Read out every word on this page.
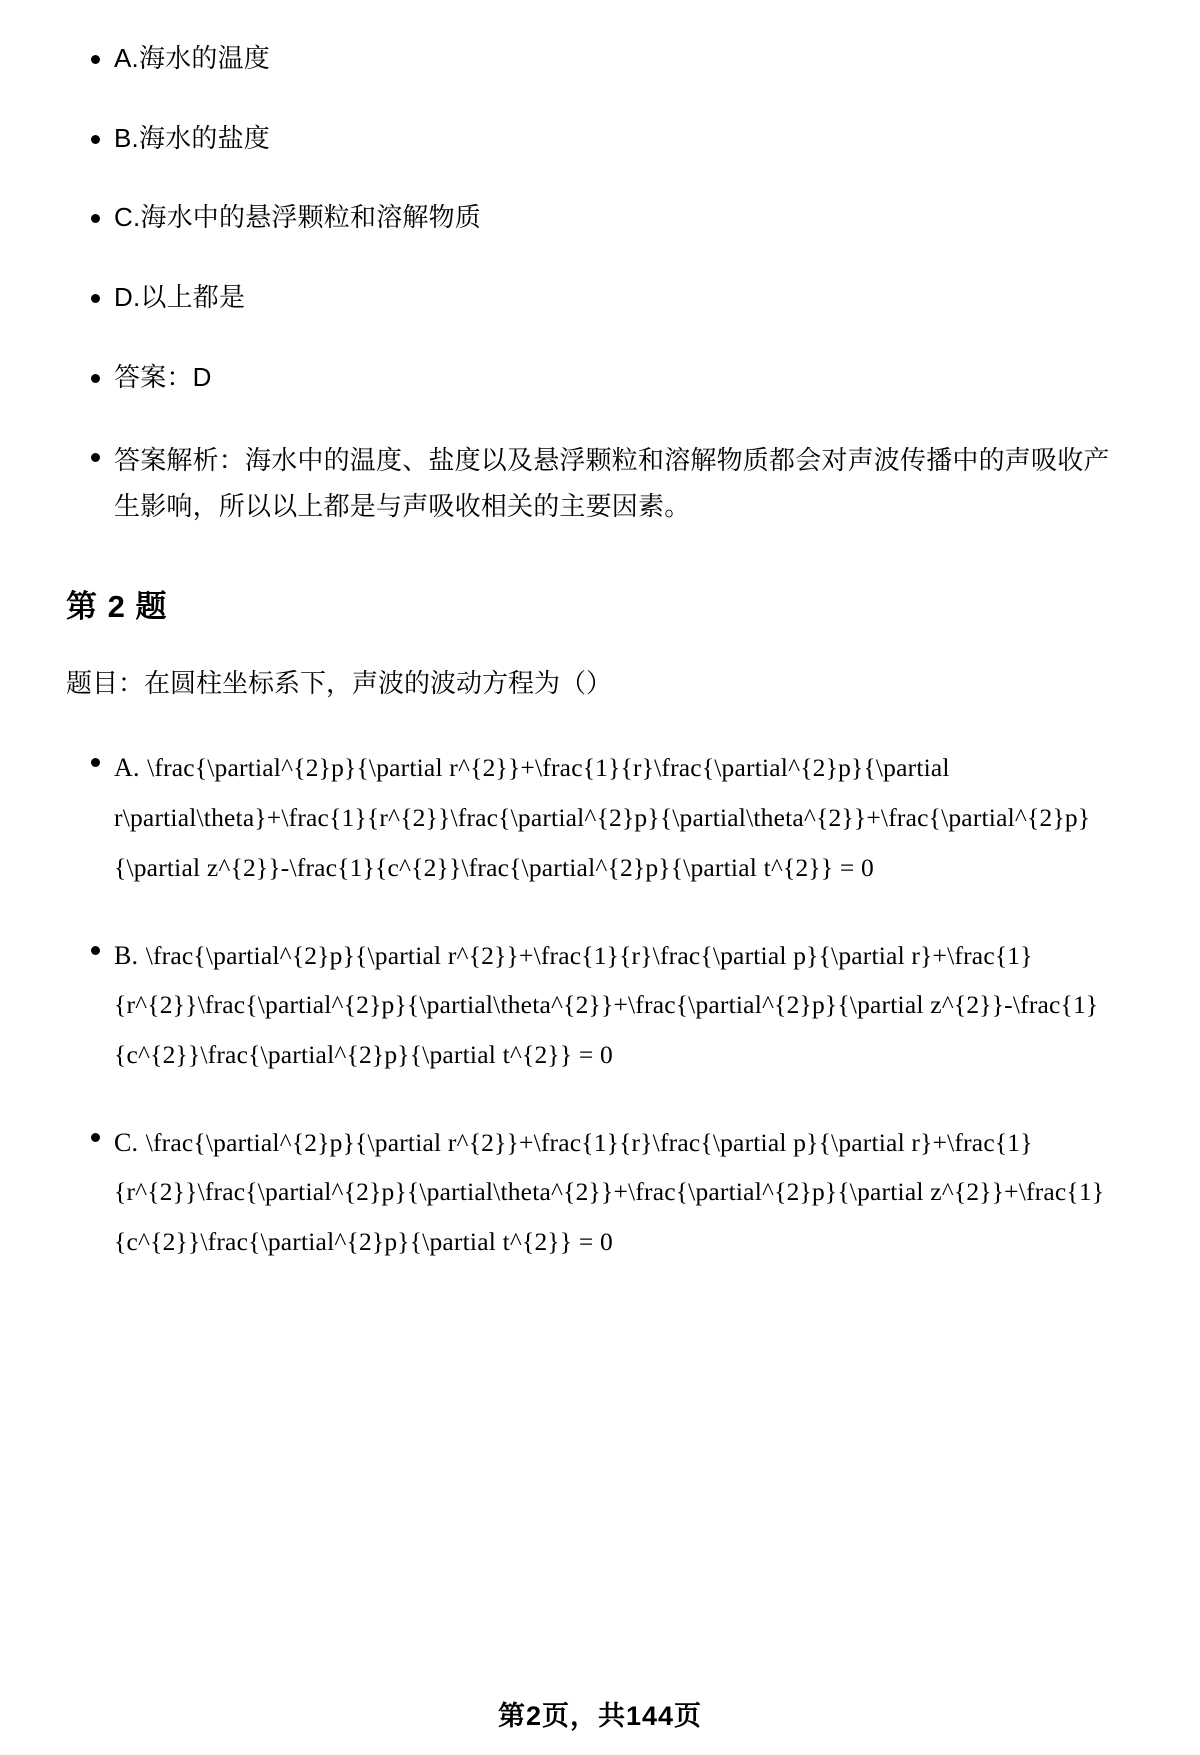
A.海水的温度
B.海水的盐度
C.海水中的悬浮颗粒和溶解物质
D.以上都是
答案：D
答案解析：海水中的温度、盐度以及悬浮颗粒和溶解物质都会对声波传播中的声吸收产生影响，所以以上都是与声吸收相关的主要因素。
第 2 题
题目：在圆柱坐标系下，声波的波动方程为（）
A. \frac{\partial^{2}p}{\partial r^{2}}+\frac{1}{r}\frac{\partial^{2}p}{\partial r\partial\theta}+\frac{1}{r^{2}}\frac{\partial^{2}p}{\partial\theta^{2}}+\frac{\partial^{2}p}{\partial z^{2}}-\frac{1}{c^{2}}\frac{\partial^{2}p}{\partial t^{2}} = 0
B. \frac{\partial^{2}p}{\partial r^{2}}+\frac{1}{r}\frac{\partial p}{\partial r}+\frac{1}{r^{2}}\frac{\partial^{2}p}{\partial\theta^{2}}+\frac{\partial^{2}p}{\partial z^{2}}-\frac{1}{c^{2}}\frac{\partial^{2}p}{\partial t^{2}} = 0
C. \frac{\partial^{2}p}{\partial r^{2}}+\frac{1}{r}\frac{\partial p}{\partial r}+\frac{1}{r^{2}}\frac{\partial^{2}p}{\partial\theta^{2}}+\frac{\partial^{2}p}{\partial z^{2}}+\frac{1}{c^{2}}\frac{\partial^{2}p}{\partial t^{2}} = 0
第2页，共144页
